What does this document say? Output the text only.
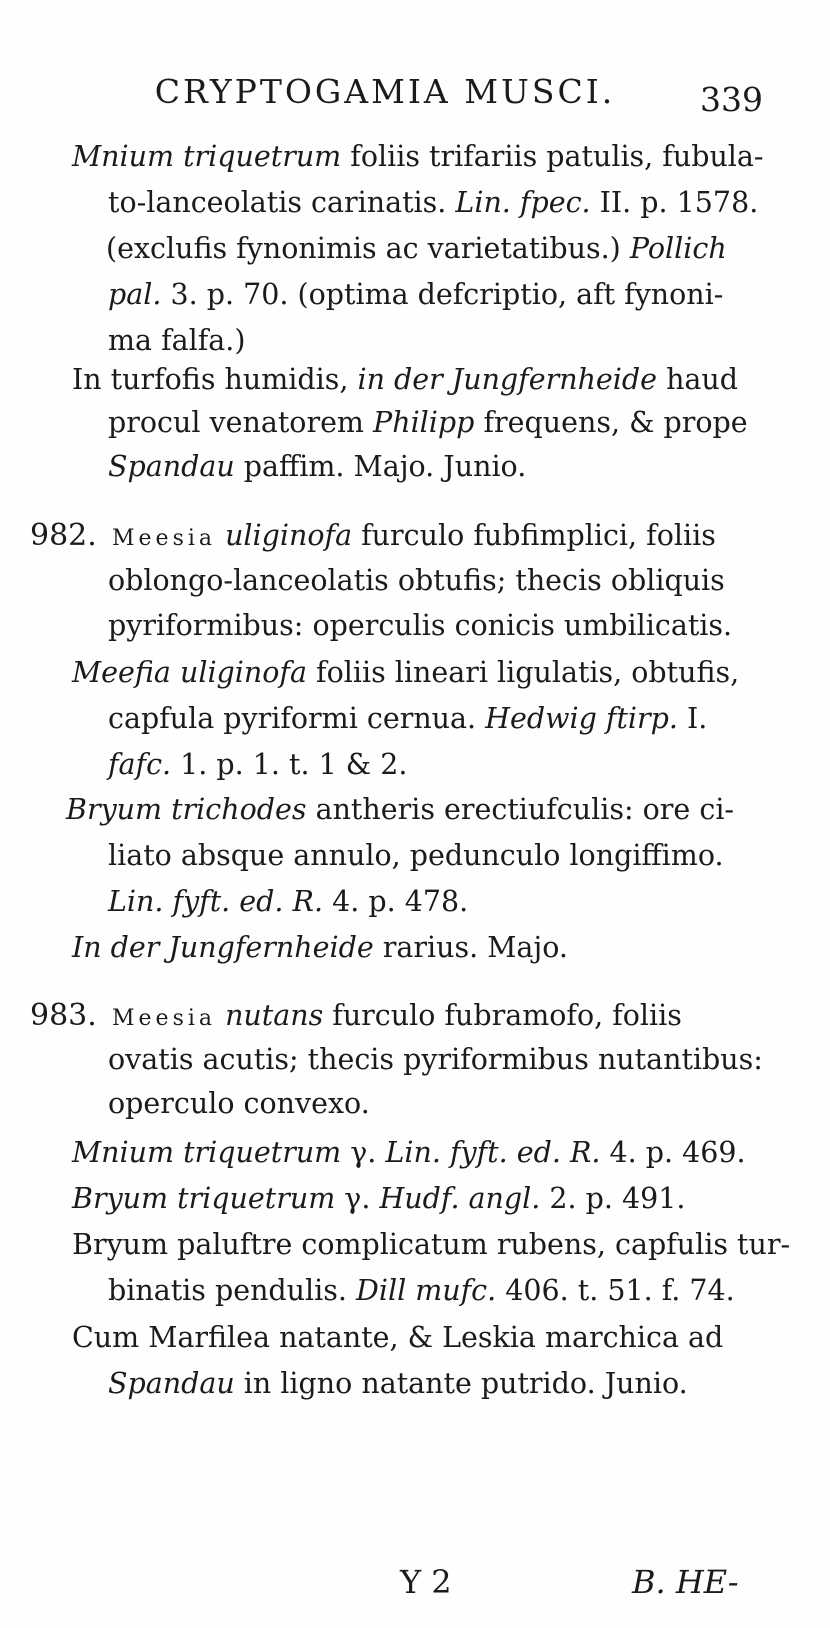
CRYPTOGAMIA MUSCI.	339
Mnium triquetrum foliis trifariis patulis, fubula-
to-lanceolatis carinatis. Lin. fpec. II. p. 1578.
(exclufis fynonimis ac varietatibus.) Pollich
pal. 3. p. 70. (optima defcriptio, aft fynoni-
ma falfa.)
In turfofis humidis, in der Jungfernheide haud
procul venatorem Philipp frequens, & prope
Spandau paffim. Majo. Junio.
982. Meesia uliginofa furculo fubfimplici, foliis
oblongo-lanceolatis obtufis; thecis obliquis
pyriformibus: operculis conicis umbilicatis.
Meefia uliginofa foliis lineari ligulatis, obtufis,
capfula pyriformi cernua. Hedwig ftirp. I.
fafc. 1. p. 1. t. 1 & 2.
Bryum trichodes antheris erectiufculis: ore ci-
liato absque annulo, pedunculo longiffimo.
Lin. fyft. ed. R. 4. p. 478.
In der Jungfernheide rarius. Majo.
983. Meesia nutans furculo fubramofo, foliis
ovatis acutis; thecis pyriformibus nutantibus:
operculo convexo.
Mnium triquetrum γ. Lin. fyft. ed. R. 4. p. 469.
Bryum triquetrum γ. Hudf. angl. 2. p. 491.
Bryum paluftre complicatum rubens, capfulis tur-
binatis pendulis. Dill mufc. 406. t. 51. f. 74.
Cum Marfilea natante, & Leskia marchica ad
Spandau in ligno natante putrido. Junio.
Y 2	B. HE-
